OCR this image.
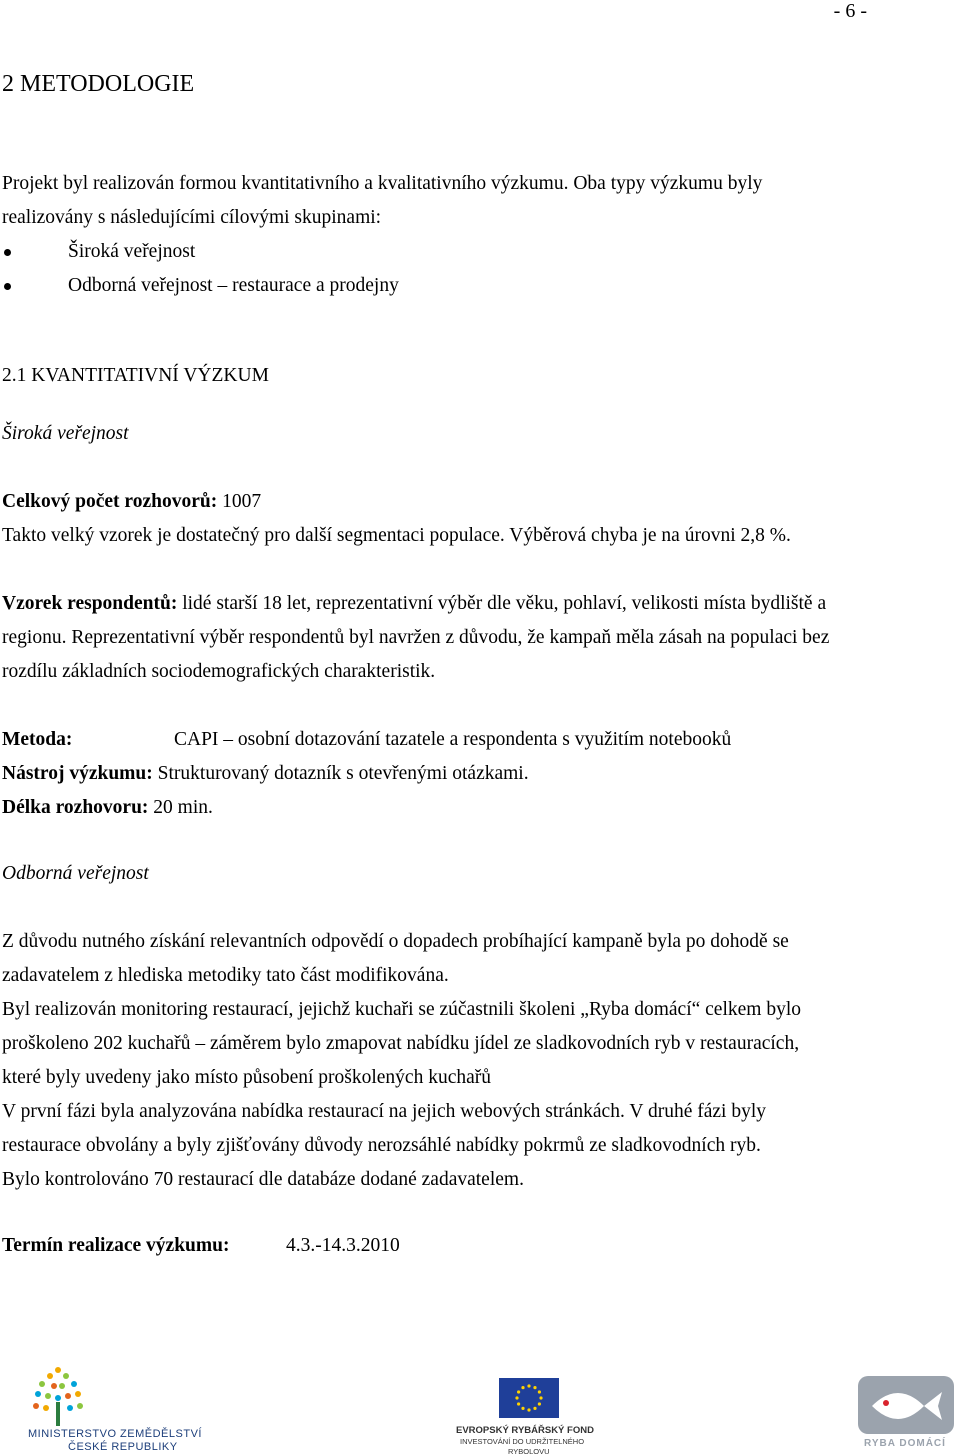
- 6 -
2 METODOLOGIE
Projekt byl realizován formou kvantitativního a kvalitativního výzkumu. Oba typy výzkumu byly
realizovány s následujícími cílovými skupinami:
Široká veřejnost
Odborná veřejnost – restaurace a prodejny
2.1 KVANTITATIVNÍ VÝZKUM
Široká veřejnost
Celkový počet rozhovorů: 1007
Takto velký vzorek je dostatečný pro další segmentaci populace. Výběrová chyba je na úrovni 2,8 %.
Vzorek respondentů: lidé starší 18 let, reprezentativní výběr dle věku, pohlaví, velikosti místa bydliště a
regionu. Reprezentativní výběr respondentů byl navržen z důvodu, že kampaň měla zásah na populaci bez
rozdílu základních sociodemografických charakteristik.
Metoda:	CAPI – osobní dotazování tazatele a respondenta s využitím notebooků
Nástroj výzkumu: Strukturovaný dotazník s otevřenými otázkami.
Délka rozhovoru: 20 min.
Odborná veřejnost
Z důvodu nutného získání relevantních odpovědí o dopadech probíhající kampaně byla po dohodě se
zadavatelem z hlediska metodiky tato část modifikována.
Byl realizován monitoring restaurací, jejichž kuchaři se zúčastnili školeni „Ryba domácí“ celkem bylo
proškoleno 202 kuchařů – záměrem bylo zmapovat nabídku jídel ze sladkovodních ryb v restauracích,
které byly uvedeny jako místo působení proškolených kuchařů
V první fázi byla analyzována nabídka restaurací na jejich webových stránkách. V druhé fázi byly
restaurace obvolány a byly zjišťovány důvody nerozsáhlé nabídky pokrmů ze sladkovodních ryb.
Bylo kontrolováno 70 restaurací dle databáze dodané zadavatelem.
Termín realizace výzkumu:	4.3.-14.3.2010
MINISTERSTVO ZEMĚDĚLSTVÍ
ČESKÉ REPUBLIKY
EVROPSKÝ RYBÁŘSKÝ FOND
INVESTOVÁNÍ DO UDRŽITELNÉHO
RYBOLOVU
RYBA DOMÁCÍ
